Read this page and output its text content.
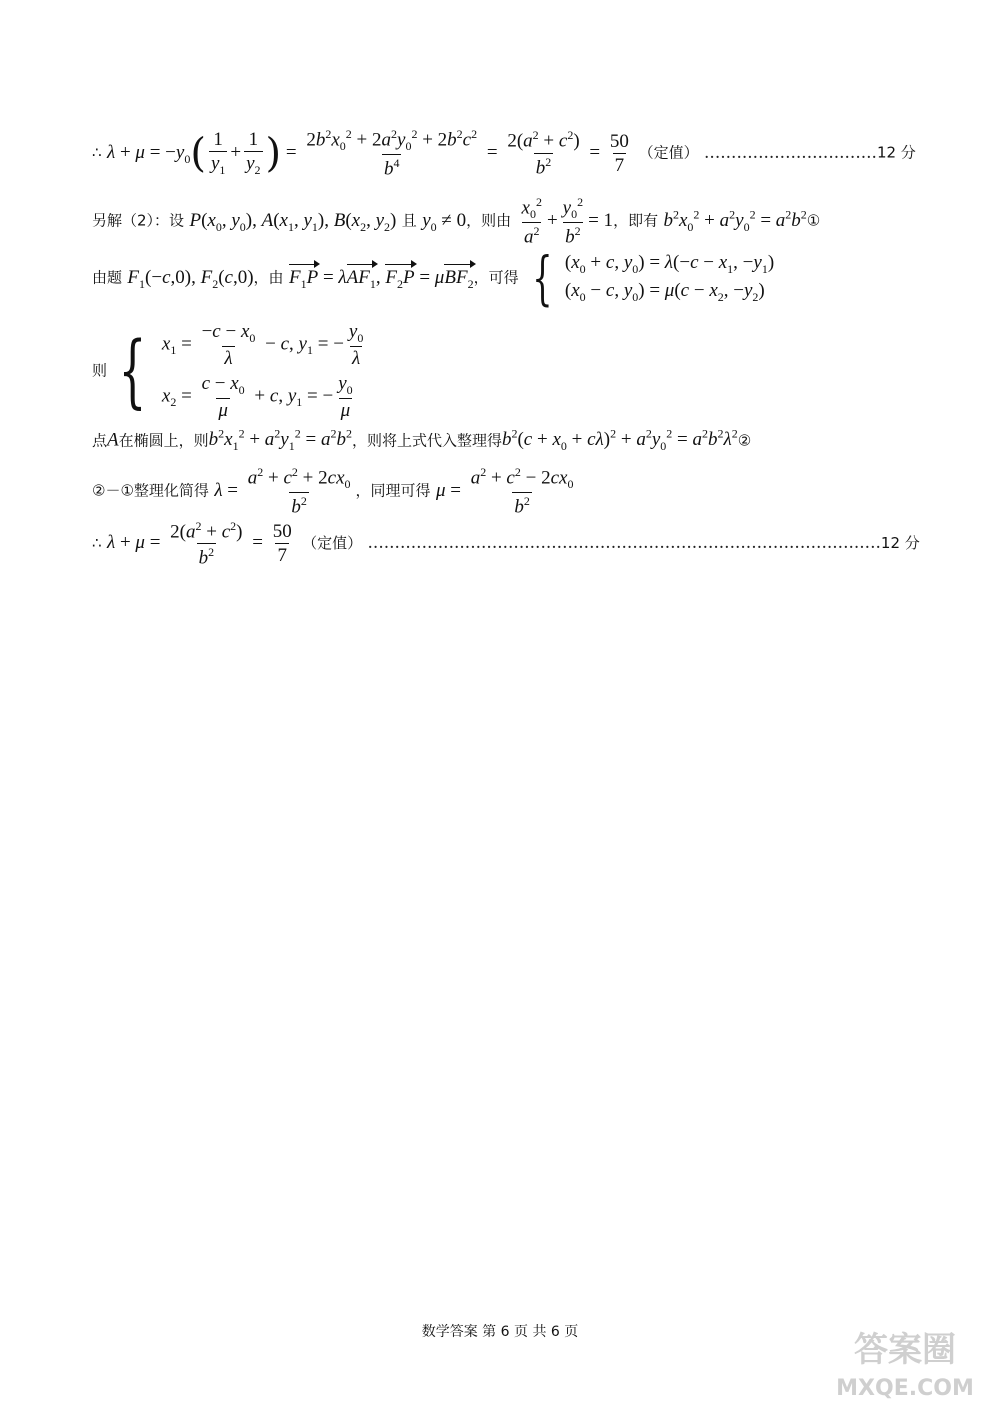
∴ $\lambda + \mu = -y_0( \frac{1}{y_1} + \frac{1}{y_2}$ ) = $\frac{2b^2x_0^2 + 2a^2y_0^2 + 2b^2c^2}{b^4} = \frac{2(a^2 + c^2)}{b^2} = \frac{50}{7}$ （定值） ................................12 分
另解（2）：设 $P(x_0$, $y_0$), $A(x_1$, $y_1$), $B(x_2$, $y_2$) 且 $y_0 \ne 0$，则由 $\frac{x_0^2}{a^2} + \frac{y_0^2}{b^2} = 1$，即有 $b^2x_0^2 + a^2y_0^2$ = $a^2b^2①$
由题 $F_1(-c,0)$, $F_2(c,0)$，由 $F_1P = \lambda AF_1$, $F_2P = \mu BF_2$，可得 { ($x_0 + c$, $y_0) = \lambda(-c - x_1$, $-y_1$)
($x_0 - c$, $y_0) = \mu(c - x_2$, $-y_2$)
则 { $x_1 = \frac{-c - x_0}{\lambda} - c$, $y_1$ = − $\frac{y_0}{\lambda}$
$x_2 = \frac{c - x_0}{\mu} + c$, $y_1$ = − $\frac{y_0}{\mu}$
点A在椭圆上，则$b^2x_1^2 + a^2y_1^2 = a^2b^2$，则将上式代入整理得$b^2(c + x_0 + c\lambda)^2 + a^2y_0^2$ = $a^2b^2\lambda^2②$
②－①整理化简得 $\lambda = \frac{a^2 + c^2 + 2cx_0}{b^2}$ ，同理可得 $\mu = \frac{a^2 + c^2 - 2cx_0}{b^2}$
∴ $\lambda + \mu = \frac{2(a^2 + c^2)}{b^2} = \frac{50}{7}$ （定值） ...............................................................................................12 分
数学答案 第 6 页 共 6 页	答案圈
MXQE.COM
